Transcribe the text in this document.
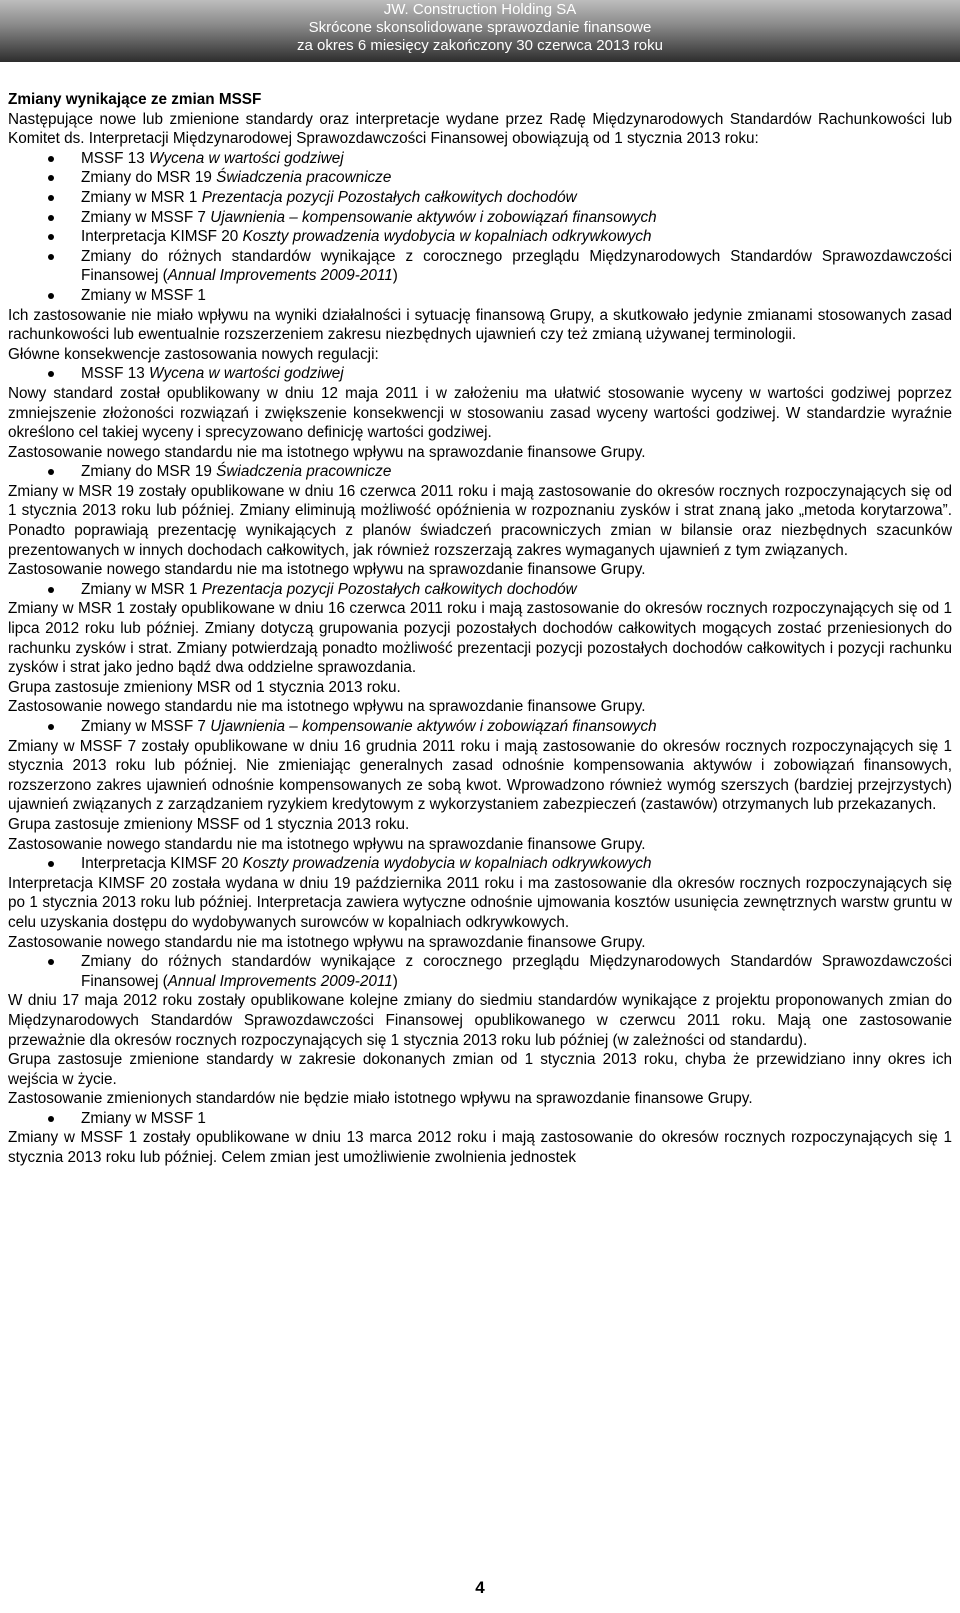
JW. Construction Holding SA

Skrócone skonsolidowane sprawozdanie finansowe

za okres 6 miesięcy zakończony 30 czerwca 2013 roku

Zmiany wynikające ze zmian MSSF

Następujące nowe lub zmienione standardy oraz interpretacje wydane przez Radę Międzynarodowych Standardów Rachunkowości lub Komitet ds. Interpretacji Międzynarodowej Sprawozdawczości Finansowej obowiązują od 1 stycznia 2013 roku:

MSSF 13 Wycena w wartości godziwej
Zmiany do MSR 19 Świadczenia pracownicze
Zmiany w MSR 1 Prezentacja pozycji Pozostałych całkowitych dochodów
Zmiany w MSSF 7 Ujawnienia – kompensowanie aktywów i zobowiązań finansowych
Interpretacja KIMSF 20 Koszty prowadzenia wydobycia w kopalniach odkrywkowych
Zmiany do różnych standardów wynikające z corocznego przeglądu Międzynarodowych Standardów Sprawozdawczości Finansowej (Annual Improvements 2009-2011)
Zmiany w MSSF 1

Ich zastosowanie nie miało wpływu na wyniki działalności i sytuację finansową Grupy, a skutkowało jedynie zmianami stosowanych zasad rachunkowości lub ewentualnie rozszerzeniem zakresu niezbędnych ujawnień czy też zmianą używanej terminologii.

Główne konsekwencje zastosowania nowych regulacji:

MSSF 13 Wycena w wartości godziwej

Nowy standard został opublikowany w dniu 12 maja 2011 i w założeniu ma ułatwić stosowanie wyceny w wartości godziwej poprzez zmniejszenie złożoności rozwiązań i zwiększenie konsekwencji w stosowaniu zasad wyceny wartości godziwej. W standardzie wyraźnie określono cel takiej wyceny i sprecyzowano definicję wartości godziwej.

Zastosowanie nowego standardu nie ma istotnego wpływu na sprawozdanie finansowe Grupy.

Zmiany do MSR 19 Świadczenia pracownicze

Zmiany w MSR 19 zostały opublikowane w dniu 16 czerwca 2011 roku i mają zastosowanie do okresów rocznych rozpoczynających się od 1 stycznia 2013 roku lub później. Zmiany eliminują możliwość opóźnienia w rozpoznaniu zysków i strat znaną jako „metoda korytarzowa”. Ponadto poprawiają prezentację wynikających z planów świadczeń pracowniczych zmian w bilansie oraz niezbędnych szacunków prezentowanych w innych dochodach całkowitych, jak również rozszerzają zakres wymaganych ujawnień z tym związanych.

Zastosowanie nowego standardu nie ma istotnego wpływu na sprawozdanie finansowe Grupy.

Zmiany w MSR 1 Prezentacja pozycji Pozostałych całkowitych dochodów

Zmiany w MSR 1 zostały opublikowane w dniu 16 czerwca 2011 roku i mają zastosowanie do okresów rocznych rozpoczynających się od 1 lipca 2012 roku lub później. Zmiany dotyczą grupowania pozycji pozostałych dochodów całkowitych mogących zostać przeniesionych do rachunku zysków i strat. Zmiany potwierdzają ponadto możliwość prezentacji pozycji pozostałych dochodów całkowitych i pozycji rachunku zysków i strat jako jedno bądź dwa oddzielne sprawozdania.

Grupa zastosuje zmieniony MSR od 1 stycznia 2013 roku.

Zastosowanie nowego standardu nie ma istotnego wpływu na sprawozdanie finansowe Grupy.

Zmiany w MSSF 7 Ujawnienia – kompensowanie aktywów i zobowiązań finansowych

Zmiany w MSSF 7 zostały opublikowane w dniu 16 grudnia 2011 roku i mają zastosowanie do okresów rocznych rozpoczynających się 1 stycznia 2013 roku lub później. Nie zmieniając generalnych zasad odnośnie kompensowania aktywów i zobowiązań finansowych, rozszerzono zakres ujawnień odnośnie kompensowanych ze sobą kwot. Wprowadzono również wymóg szerszych (bardziej przejrzystych) ujawnień związanych z zarządzaniem ryzykiem kredytowym z wykorzystaniem zabezpieczeń (zastawów) otrzymanych lub przekazanych.

Grupa zastosuje zmieniony MSSF od 1 stycznia 2013 roku.

Zastosowanie nowego standardu nie ma istotnego wpływu na sprawozdanie finansowe Grupy.

Interpretacja KIMSF 20 Koszty prowadzenia wydobycia w kopalniach odkrywkowych

Interpretacja KIMSF 20 została wydana w dniu 19 października 2011 roku i ma zastosowanie dla okresów rocznych rozpoczynających się po 1 stycznia 2013 roku lub później. Interpretacja zawiera wytyczne odnośnie ujmowania kosztów usunięcia zewnętrznych warstw gruntu w celu uzyskania dostępu do wydobywanych surowców w kopalniach odkrywkowych.

Zastosowanie nowego standardu nie ma istotnego wpływu na sprawozdanie finansowe Grupy.

Zmiany do różnych standardów wynikające z corocznego przeglądu Międzynarodowych Standardów Sprawozdawczości Finansowej (Annual Improvements 2009-2011)

W dniu 17 maja 2012 roku zostały opublikowane kolejne zmiany do siedmiu standardów wynikające z projektu proponowanych zmian do Międzynarodowych Standardów Sprawozdawczości Finansowej opublikowanego w czerwcu 2011 roku. Mają one zastosowanie przeważnie dla okresów rocznych rozpoczynających się 1 stycznia 2013 roku lub później (w zależności od standardu).

Grupa zastosuje zmienione standardy w zakresie dokonanych zmian od 1 stycznia 2013 roku, chyba że przewidziano inny okres ich wejścia w życie.

Zastosowanie zmienionych standardów nie będzie miało istotnego wpływu na sprawozdanie finansowe Grupy.

Zmiany w MSSF 1

Zmiany w MSSF 1 zostały opublikowane w dniu 13 marca 2012 roku i mają zastosowanie do okresów rocznych rozpoczynających się 1 stycznia 2013 roku lub później. Celem zmian jest umożliwienie zwolnienia jednostek

4
